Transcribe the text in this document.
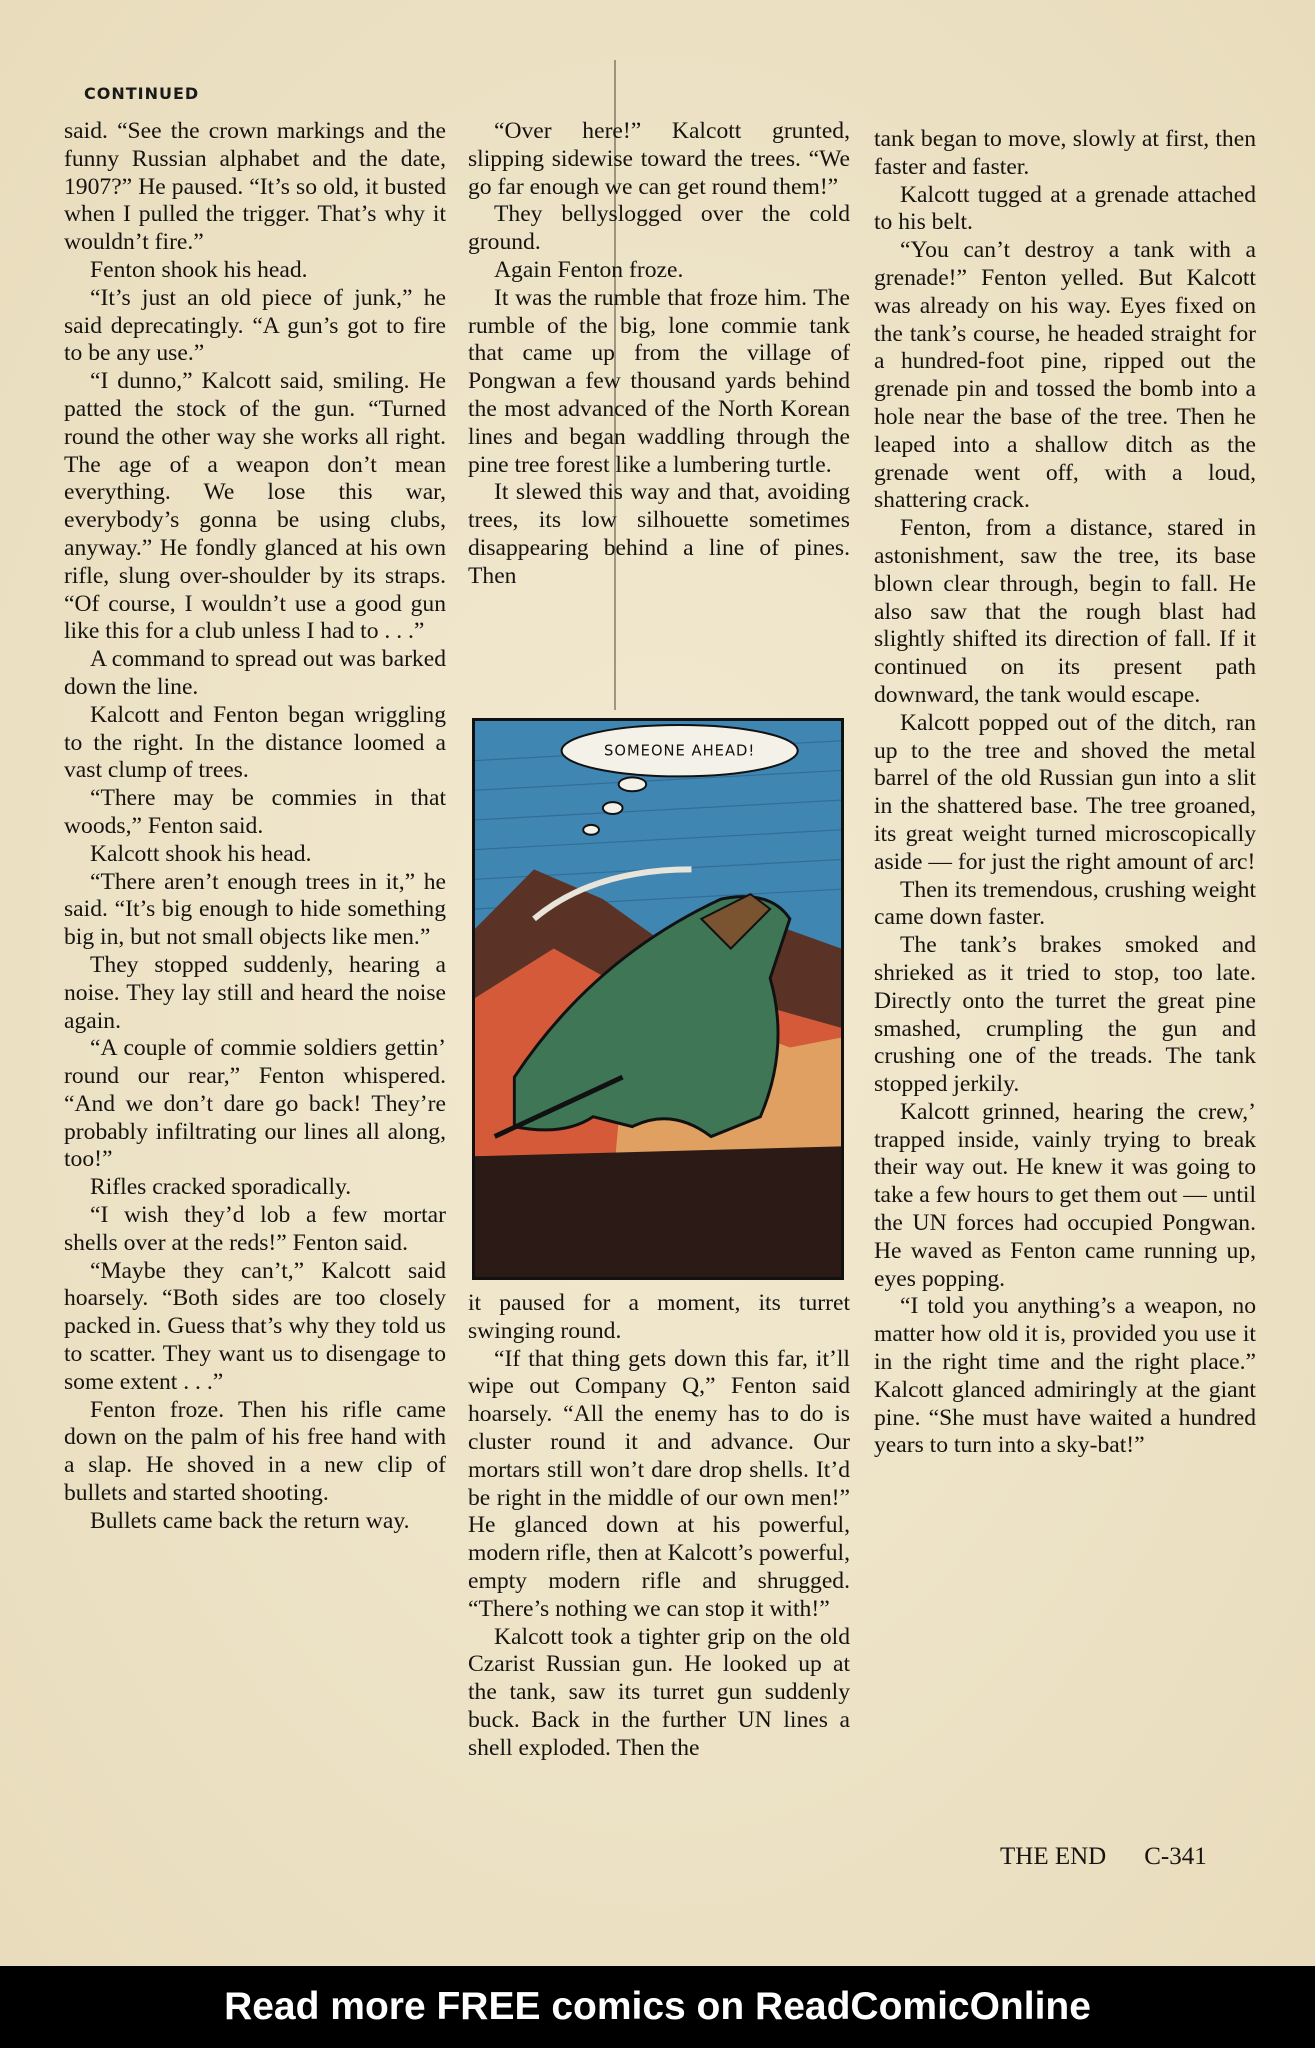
CONTINUED

said. “See the crown markings and the funny Russian alphabet and the date, 1907?” He paused. “It’s so old, it busted when I pulled the trigger. That’s why it wouldn’t fire.”

Fenton shook his head.

“It’s just an old piece of junk,” he said deprecatingly. “A gun’s got to fire to be any use.”

“I dunno,” Kalcott said, smiling. He patted the stock of the gun. “Turned round the other way she works all right. The age of a weapon don’t mean everything. We lose this war, everybody’s gonna be using clubs, anyway.” He fondly glanced at his own rifle, slung over-shoulder by its straps. “Of course, I wouldn’t use a good gun like this for a club unless I had to . . .”

A command to spread out was barked down the line.

Kalcott and Fenton began wriggling to the right. In the distance loomed a vast clump of trees.

“There may be commies in that woods,” Fenton said.

Kalcott shook his head.

“There aren’t enough trees in it,” he said. “It’s big enough to hide something big in, but not small objects like men.”

They stopped suddenly, hearing a noise. They lay still and heard the noise again.

“A couple of commie soldiers gettin’ round our rear,” Fenton whispered. “And we don’t dare go back! They’re probably infiltrating our lines all along, too!”

Rifles cracked sporadically.

“I wish they’d lob a few mortar shells over at the reds!” Fenton said.

“Maybe they can’t,” Kalcott said hoarsely. “Both sides are too closely packed in. Guess that’s why they told us to scatter. They want us to disengage to some extent . . .”

Fenton froze. Then his rifle came down on the palm of his free hand with a slap. He shoved in a new clip of bullets and started shooting.

Bullets came back the return way.

“Over here!” Kalcott grunted, slipping sidewise toward the trees. “We go far enough we can get round them!”

They bellyslogged over the cold ground.

Again Fenton froze.

It was the rumble that froze him. The rumble of the big, lone commie tank that came up from the village of Pongwan a few thousand yards behind the most advanced of the North Korean lines and began waddling through the pine tree forest like a lumbering turtle.

It slewed this way and that, avoiding trees, its low silhouette sometimes disappearing behind a line of pines. Then

SOMEONE AHEAD!

it paused for a moment, its turret swinging round.

“If that thing gets down this far, it’ll wipe out Company Q,” Fenton said hoarsely. “All the enemy has to do is cluster round it and advance. Our mortars still won’t dare drop shells. It’d be right in the middle of our own men!” He glanced down at his powerful, modern rifle, then at Kalcott’s powerful, empty modern rifle and shrugged. “There’s nothing we can stop it with!”

Kalcott took a tighter grip on the old Czarist Russian gun. He looked up at the tank, saw its turret gun suddenly buck. Back in the further UN lines a shell exploded. Then the

tank began to move, slowly at first, then faster and faster.

Kalcott tugged at a grenade attached to his belt.

“You can’t destroy a tank with a grenade!” Fenton yelled. But Kalcott was already on his way. Eyes fixed on the tank’s course, he headed straight for a hundred-foot pine, ripped out the grenade pin and tossed the bomb into a hole near the base of the tree. Then he leaped into a shallow ditch as the grenade went off, with a loud, shattering crack.

Fenton, from a distance, stared in astonishment, saw the tree, its base blown clear through, begin to fall. He also saw that the rough blast had slightly shifted its direction of fall. If it continued on its present path downward, the tank would escape.

Kalcott popped out of the ditch, ran up to the tree and shoved the metal barrel of the old Russian gun into a slit in the shattered base. The tree groaned, its great weight turned microscopically aside — for just the right amount of arc!

Then its tremendous, crushing weight came down faster.

The tank’s brakes smoked and shrieked as it tried to stop, too late. Directly onto the turret the great pine smashed, crumpling the gun and crushing one of the treads. The tank stopped jerkily.

Kalcott grinned, hearing the crew,’ trapped inside, vainly trying to break their way out. He knew it was going to take a few hours to get them out — until the UN forces had occupied Pongwan. He waved as Fenton came running up, eyes popping.

“I told you anything’s a weapon, no matter how old it is, provided you use it in the right time and the right place.” Kalcott glanced admiringly at the giant pine. “She must have waited a hundred years to turn into a sky-bat!”

THE END C-341
Read more FREE comics on ReadComicOnline
